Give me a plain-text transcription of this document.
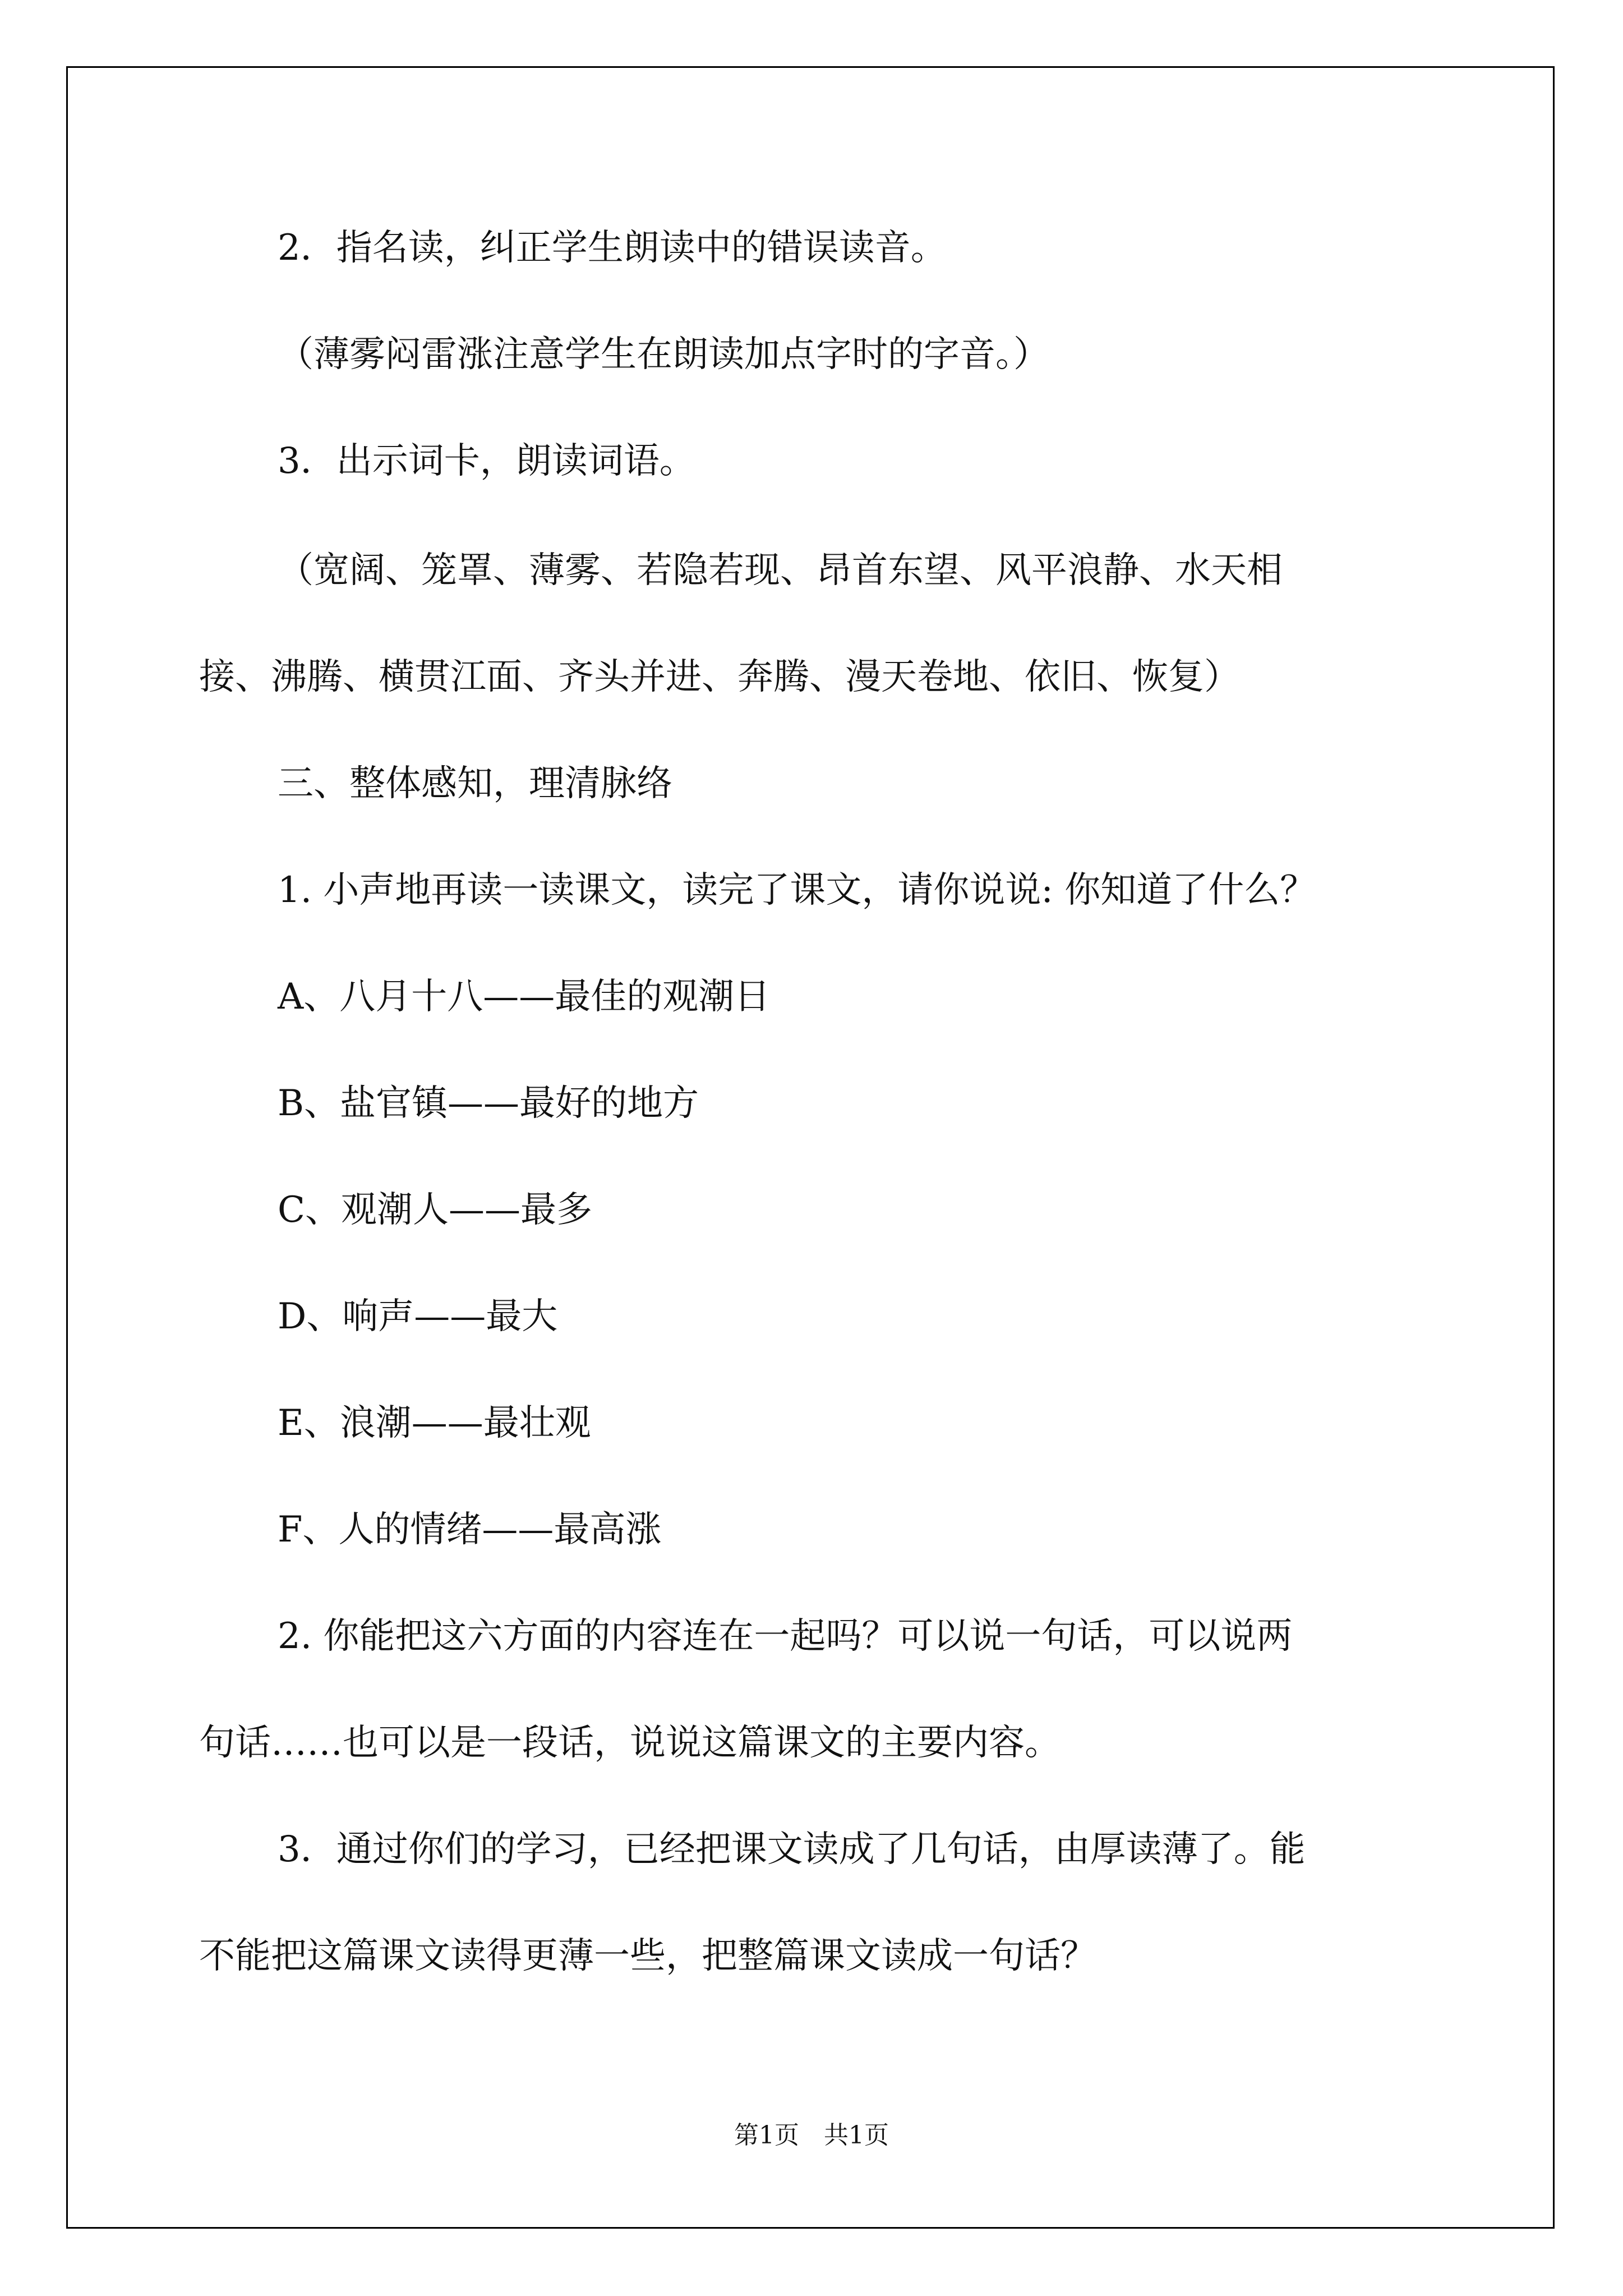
2．指名读，纠正学生朗读中的错误读音。

（薄雾闷雷涨注意学生在朗读加点字时的字音。）

3．出示词卡，朗读词语。

（宽阔、笼罩、薄雾、若隐若现、昂首东望、风平浪静、水天相

接、沸腾、横贯江面、齐头并进、奔腾、漫天卷地、依旧、恢复）

三、整体感知，理清脉络

1. 小声地再读一读课文，读完了课文，请你说说: 你知道了什么？

A、八月十八——最佳的观潮日

B、盐官镇——最好的地方

C、观潮人——最多

D、响声——最大

E、浪潮——最壮观

F、人的情绪——最高涨

2. 你能把这六方面的内容连在一起吗？可以说一句话，可以说两

句话……也可以是一段话，说说这篇课文的主要内容。

3．通过你们的学习，已经把课文读成了几句话，由厚读薄了。能

不能把这篇课文读得更薄一些，把整篇课文读成一句话？

第1页　共1页
